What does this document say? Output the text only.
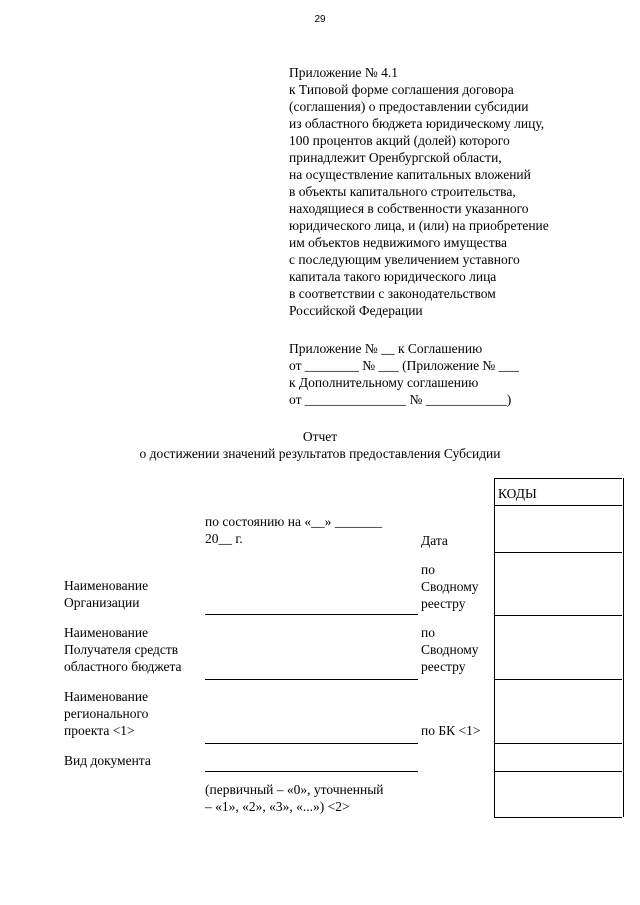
29
Приложение № 4.1
к Типовой форме соглашения договора
(соглашения) о предоставлении субсидии
из областного бюджета юридическому лицу,
100 процентов акций (долей) которого
принадлежит Оренбургской области,
на осуществление капитальных вложений
в объекты капитального строительства,
находящиеся в собственности указанного
юридического лица, и (или) на приобретение
им объектов недвижимого имущества
с последующим увеличением уставного
капитала такого юридического лица
в соответствии с законодательством
Российской Федерации
Приложение № __ к Соглашению
от ________ № ___ (Приложение № ___
к Дополнительному соглашению
от _______________ № ____________)
Отчет
о достижении значений результатов предоставления Субсидии
КОДЫ
по состоянию на «__» _______
20__ г.	Дата
Наименование
Организации
по
Сводному
реестру
Наименование
Получателя средств
областного бюджета
по
Сводному
реестру
Наименование
регионального
проекта <1>	по БК <1>
Вид документа
(первичный – «0», уточненный
– «1», «2», «3», «...») <2>
